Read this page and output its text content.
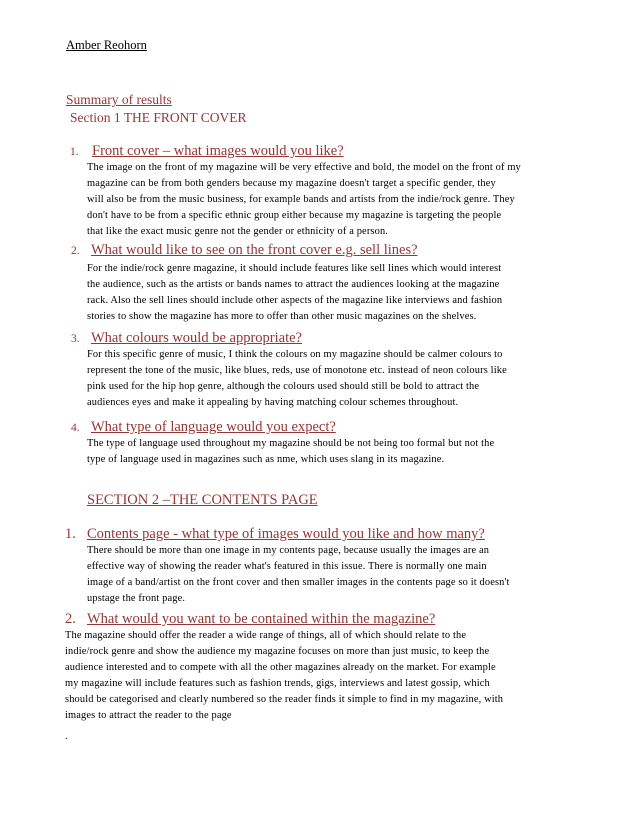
Amber Reohorn
Summary of results
Section 1 THE FRONT COVER
1. Front cover – what images would you like?
The image on the front of my magazine will be very effective and bold, the model on the front of my
magazine can be from both genders because my magazine doesn't target a specific gender, they
will also be from the music business, for example bands and artists from the indie/rock genre. They
don't have to be from a specific ethnic group either because my magazine is targeting the people
that like the exact music genre not the gender or ethnicity of a person.
2. What would like to see on the front cover e.g. sell lines?
For the indie/rock genre magazine, it should include features like sell lines which would interest
the audience, such as the artists or bands names to attract the audiences looking at the magazine
rack. Also the sell lines should include other aspects of the magazine like interviews and fashion
stories to show the magazine has more to offer than other music magazines on the shelves.
3. What colours would be appropriate?
For this specific genre of music, I think the colours on my magazine should be calmer colours to
represent the tone of the music, like blues, reds, use of monotone etc. instead of neon colours like
pink used for the hip hop genre, although the colours used should still be bold to attract the
audiences eyes and make it appealing by having matching colour schemes throughout.
4. What type of language would you expect?
The type of language used throughout my magazine should be not being too formal but not the
type of language used in magazines such as nme, which uses slang in its magazine.
SECTION 2 –THE CONTENTS PAGE
1. Contents page - what type of images would you like and how many?
There should be more than one image in my contents page, because usually the images are an
effective way of showing the reader what's featured in this issue. There is normally one main
image of a band/artist on the front cover and then smaller images in the contents page so it doesn't
upstage the front page.
2. What would you want to be contained within the magazine?
The magazine should offer the reader a wide range of things, all of which should relate to the
indie/rock genre and show the audience my magazine focuses on more than just music, to keep the
audience interested and to compete with all the other magazines already on the market. For example
my magazine will include features such as fashion trends, gigs, interviews and latest gossip, which
should be categorised and clearly numbered so the reader finds it simple to find in my magazine, with
images to attract the reader to the page
.
